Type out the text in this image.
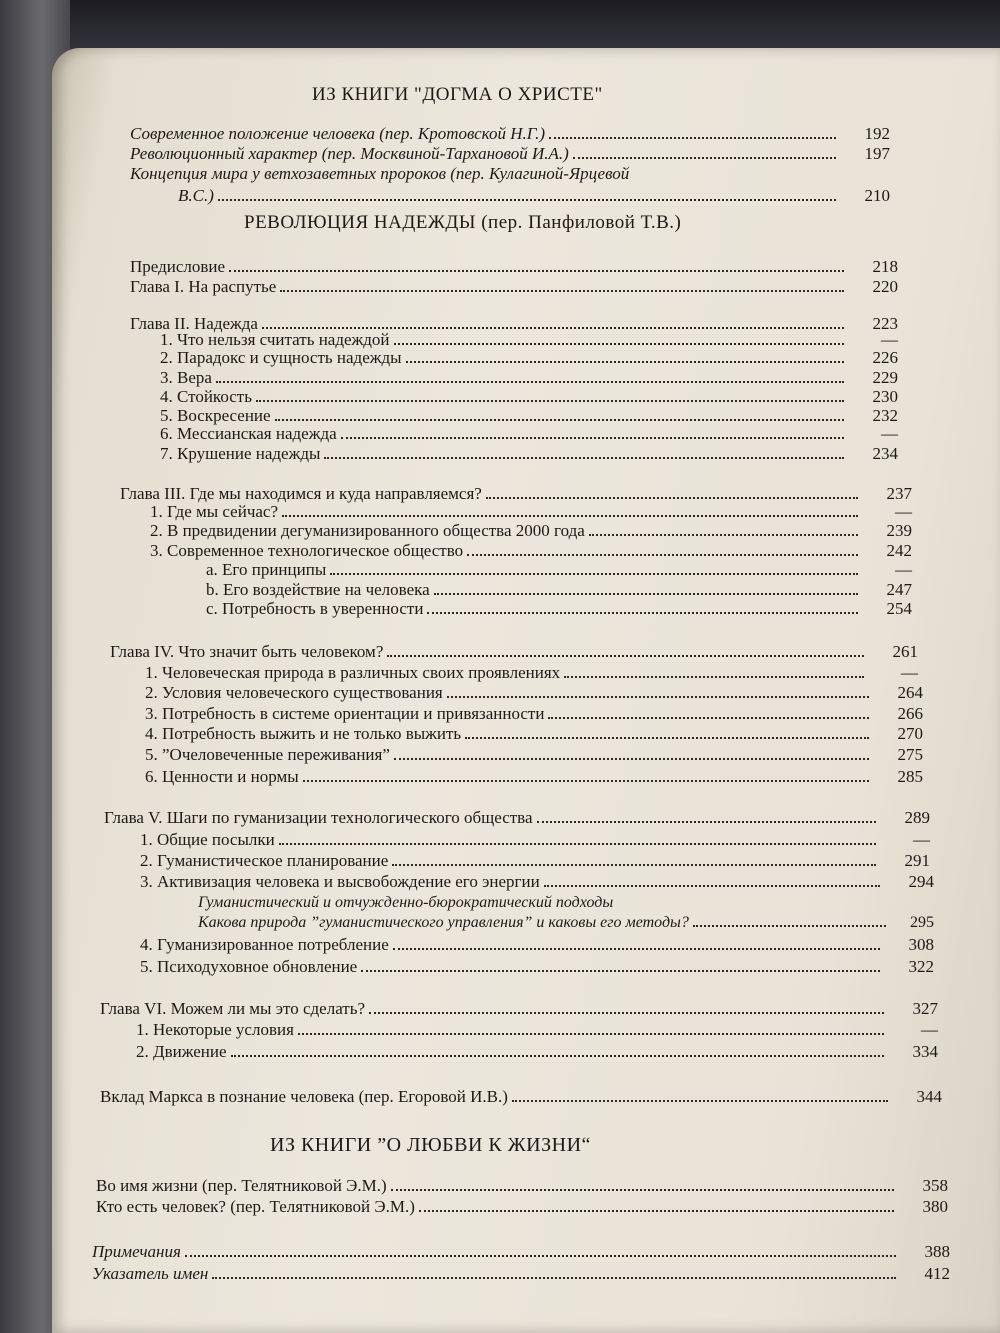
ИЗ КНИГИ "ДОГМА О ХРИСТЕ"
Современное положение человека (пер. Кротовской Н.Г.)	192
Революционный характер (пер. Москвиной-Тархановой И.А.)	197
Концепция мира у ветхозаветных пророков (пер. Кулагиной-Ярцевой
В.С.)	210
РЕВОЛЮЦИЯ НАДЕЖДЫ (пер. Панфиловой Т.В.)
Предисловие	218
Глава I. На распутье	220
Глава II. Надежда	223
1. Что нельзя считать надеждой	—
2. Парадокс и сущность надежды	226
3. Вера	229
4. Стойкость	230
5. Воскресение	232
6. Мессианская надежда	—
7. Крушение надежды	234
Глава III. Где мы находимся и куда направляемся?	237
1. Где мы сейчас?	—
2. В предвидении дегуманизированного общества 2000 года	239
3. Современное технологическое общество	242
a. Его принципы	—
b. Его воздействие на человека	247
c. Потребность в уверенности	254
Глава IV. Что значит быть человеком?	261
1. Человеческая природа в различных своих проявлениях	—
2. Условия человеческого существования	264
3. Потребность в системе ориентации и привязанности	266
4. Потребность выжить и не только выжить	270
5. ”Очеловеченные переживания”	275
6. Ценности и нормы	285
Глава V. Шаги по гуманизации технологического общества	289
1. Общие посылки	—
2. Гуманистическое планирование	291
3. Активизация человека и высвобождение его энергии	294
Гуманистический и отчужденно-бюрократический подходы
Какова природа ”гуманистического управления” и каковы его методы?	295
4. Гуманизированное потребление	308
5. Психодуховное обновление	322
Глава VI. Можем ли мы это сделать?	327
1. Некоторые условия	—
2. Движение	334
Вклад Маркса в познание человека (пер. Егоровой И.В.)	344
ИЗ КНИГИ ”О ЛЮБВИ К ЖИЗНИ“
Во имя жизни (пер. Телятниковой Э.М.)	358
Кто есть человек? (пер. Телятниковой Э.М.)	380
Примечания	388
Указатель имен	412
